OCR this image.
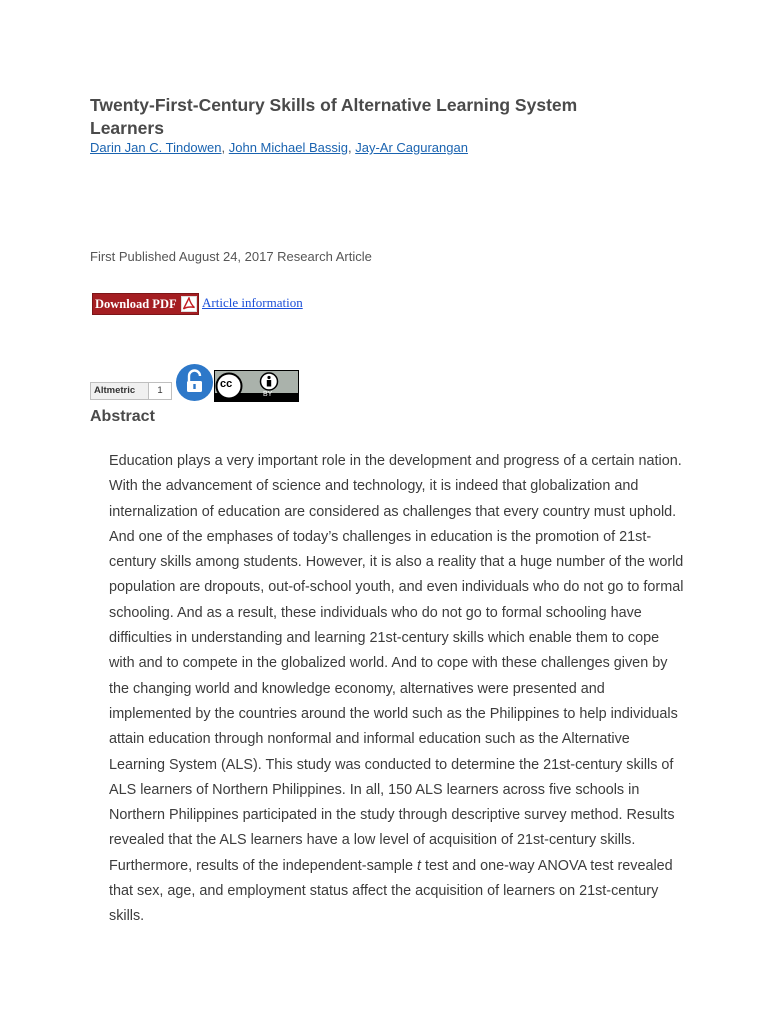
Twenty-First-Century Skills of Alternative Learning System Learners
Darin Jan C. Tindowen, John Michael Bassig, Jay-Ar Cagurangan
First Published August 24, 2017 Research Article
Download PDF	Article information
Altmetric	1
cc
BY
Abstract

Education plays a very important role in the development and progress of a certain nation. With the advancement of science and technology, it is indeed that globalization and internalization of education are considered as challenges that every country must uphold. And one of the emphases of today’s challenges in education is the promotion of 21st-century skills among students. However, it is also a reality that a huge number of the world population are dropouts, out-of-school youth, and even individuals who do not go to formal schooling. And as a result, these individuals who do not go to formal schooling have difficulties in understanding and learning 21st-century skills which enable them to cope with and to compete in the globalized world. And to cope with these challenges given by the changing world and knowledge economy, alternatives were presented and implemented by the countries around the world such as the Philippines to help individuals attain education through nonformal and informal education such as the Alternative Learning System (ALS). This study was conducted to determine the 21st-century skills of ALS learners of Northern Philippines. In all, 150 ALS learners across five schools in Northern Philippines participated in the study through descriptive survey method. Results revealed that the ALS learners have a low level of acquisition of 21st-century skills. Furthermore, results of the independent-sample t test and one-way ANOVA test revealed that sex, age, and employment status affect the acquisition of learners on 21st-century skills.
